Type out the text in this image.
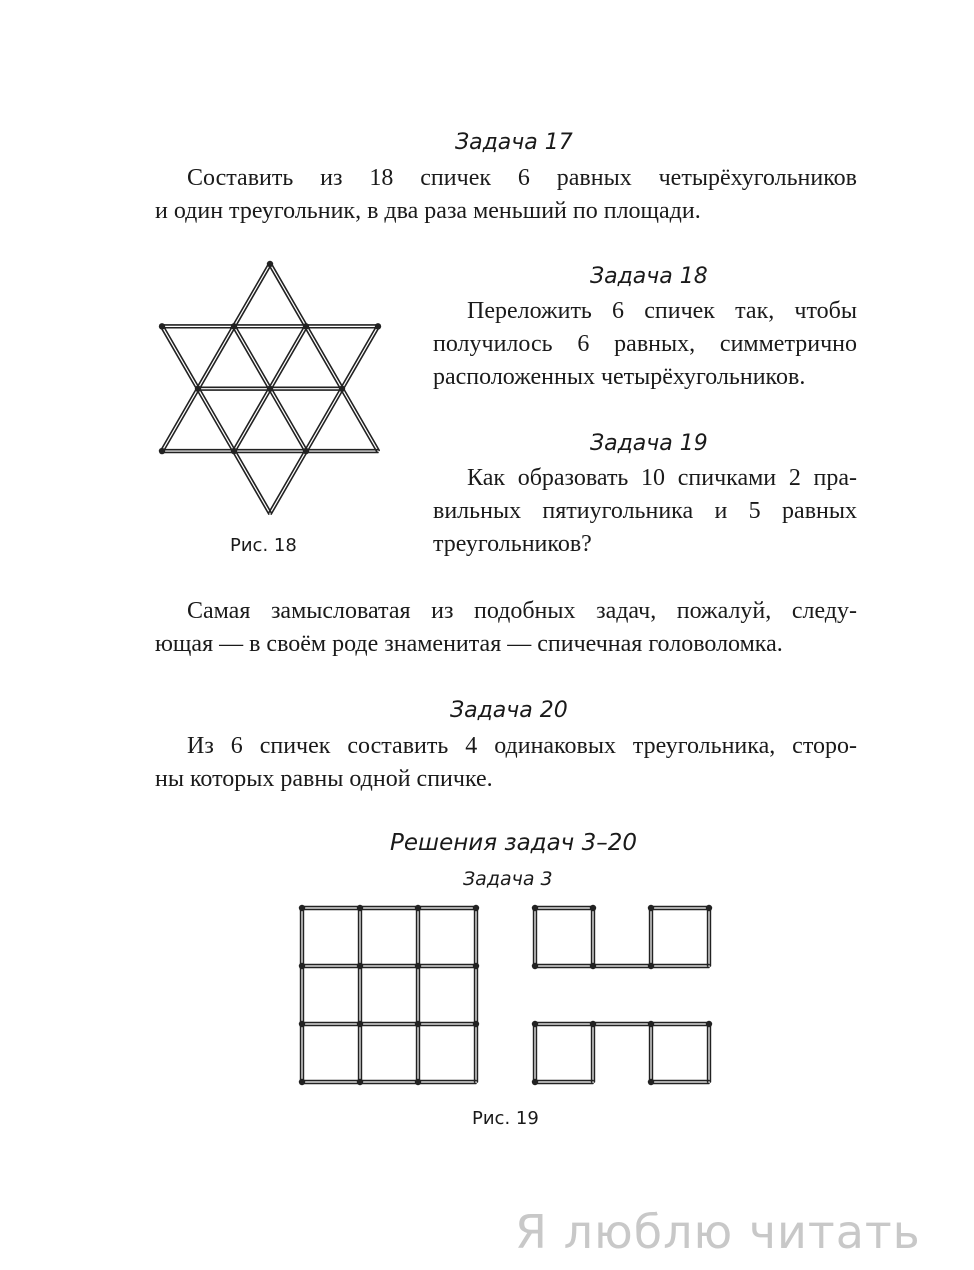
Задача 17
Составить из 18 спичек 6 равных четырёхугольников
и один треугольник, в два раза меньший по площади.
Рис. 18
Задача 18
Переложить 6 спичек так, чтобы
получилось 6 равных, симметрично
расположенных четырёхугольников.
Задача 19
Как образовать 10 спичками 2 пра-
вильных пятиугольника и 5 равных
треугольников?
Самая замысловатая из подобных задач, пожалуй, следу-
ющая — в своём роде знаменитая — спичечная головоломка.
Задача 20
Из 6 спичек составить 4 одинаковых треугольника, сторо-
ны которых равны одной спичке.
Решения задач 3–20
Задача 3
Рис. 19
Я люблю читать
